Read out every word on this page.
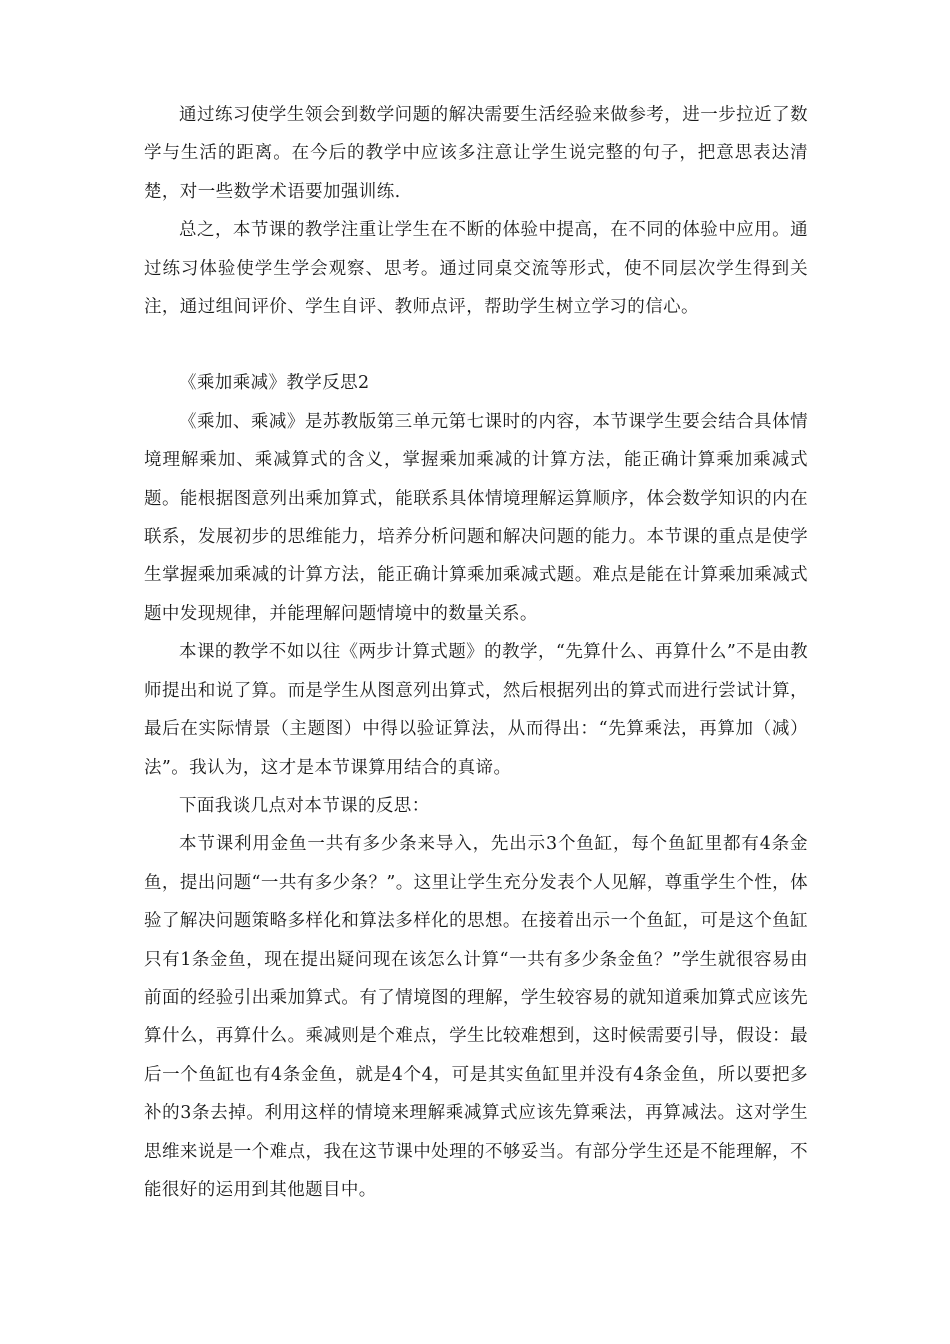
通过练习使学生领会到数学问题的解决需要生活经验来做参考，进一步拉近了数学与生活的距离。在今后的教学中应该多注意让学生说完整的句子，把意思表达清楚，对一些数学术语要加强训练.

总之，本节课的教学注重让学生在不断的体验中提高，在不同的体验中应用。通过练习体验使学生学会观察、思考。通过同桌交流等形式，使不同层次学生得到关注，通过组间评价、学生自评、教师点评，帮助学生树立学习的信心。

《乘加乘减》教学反思2

《乘加、乘减》是苏教版第三单元第七课时的内容，本节课学生要会结合具体情境理解乘加、乘减算式的含义，掌握乘加乘减的计算方法，能正确计算乘加乘减式题。能根据图意列出乘加算式，能联系具体情境理解运算顺序，体会数学知识的内在联系，发展初步的思维能力，培养分析问题和解决问题的能力。本节课的重点是使学生掌握乘加乘减的计算方法，能正确计算乘加乘减式题。难点是能在计算乘加乘减式题中发现规律，并能理解问题情境中的数量关系。

本课的教学不如以往《两步计算式题》的教学，“先算什么、再算什么”不是由教师提出和说了算。而是学生从图意列出算式，然后根据列出的算式而进行尝试计算，最后在实际情景（主题图）中得以验证算法，从而得出：“先算乘法，再算加（减）法”。我认为，这才是本节课算用结合的真谛。

下面我谈几点对本节课的反思：

本节课利用金鱼一共有多少条来导入，先出示3个鱼缸，每个鱼缸里都有4条金鱼，提出问题“一共有多少条？”。这里让学生充分发表个人见解，尊重学生个性，体验了解决问题策略多样化和算法多样化的思想。在接着出示一个鱼缸，可是这个鱼缸只有1条金鱼，现在提出疑问现在该怎么计算“一共有多少条金鱼？”学生就很容易由前面的经验引出乘加算式。有了情境图的理解，学生较容易的就知道乘加算式应该先算什么，再算什么。乘减则是个难点，学生比较难想到，这时候需要引导，假设：最后一个鱼缸也有4条金鱼，就是4个4，可是其实鱼缸里并没有4条金鱼，所以要把多补的3条去掉。利用这样的情境来理解乘减算式应该先算乘法，再算减法。这对学生思维来说是一个难点，我在这节课中处理的不够妥当。有部分学生还是不能理解，不能很好的运用到其他题目中。
